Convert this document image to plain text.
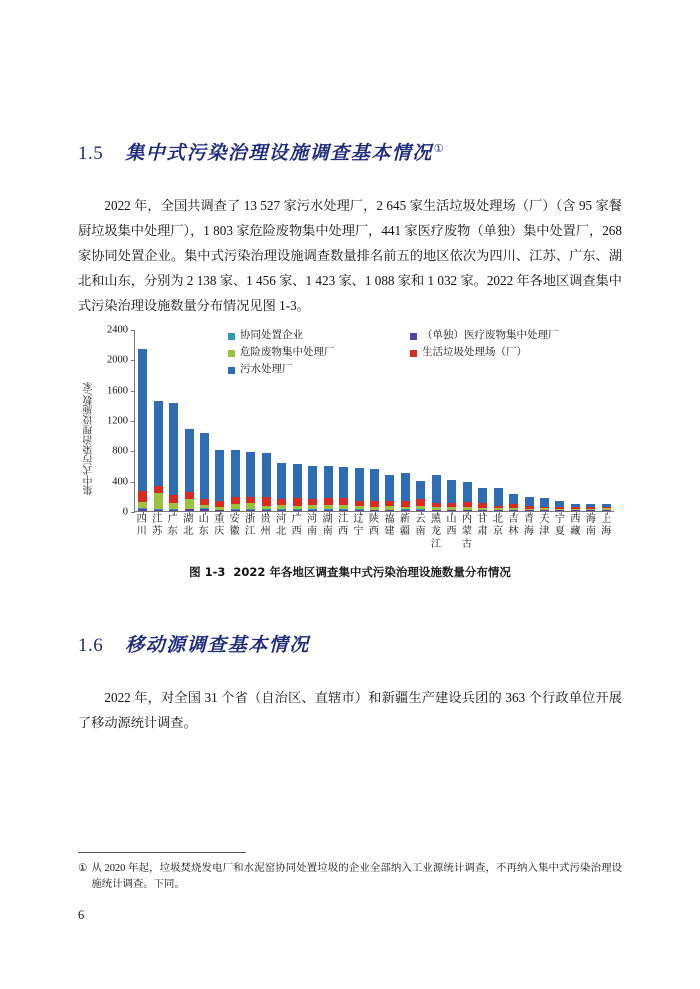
1.5 集中式污染治理设施调查基本情况①

2022 年，全国共调查了 13 527 家污水处理厂，2 645 家生活垃圾处理场（厂）（含 95 家餐厨垃圾集中处理厂），1 803 家危险废物集中处理厂，441 家医疗废物（单独）集中处置厂，268 家协同处置企业。集中式污染治理设施调查数量排名前五的地区依次为四川、江苏、广东、湖北和山东，分别为 2 138 家、1 456 家、1 423 家、1 088 家和 1 032 家。2022 年各地区调查集中式污染治理设施数量分布情况见图 1-3。

集中式污染治理设施数/家
0
400
800
1200
1600
2000
2400	协同处置企业
危险废物集中处理厂
污水处理厂
（单独）医疗废物集中处理厂
生活垃圾处理场（厂）
四川
江苏
广东
湖北
山东
重庆
安徽
浙江
贵州
河北
广西
河南
湖南
江西
辽宁
陕西
福建
新疆
云南
黑龙江
山西
内蒙古
甘肃
北京
吉林
青海
天津
宁夏
西藏
海南
上海
图 1-3 2022 年各地区调查集中式污染治理设施数量分布情况
1.6 移动源调查基本情况

2022 年，对全国 31 个省（自治区、直辖市）和新疆生产建设兵团的 363 个行政单位开展了移动源统计调查。

① 从 2020 年起，垃圾焚烧发电厂和水泥窑协同处置垃圾的企业全部纳入工业源统计调查，不再纳入集中式污染治理设施统计调查。下同。
6
